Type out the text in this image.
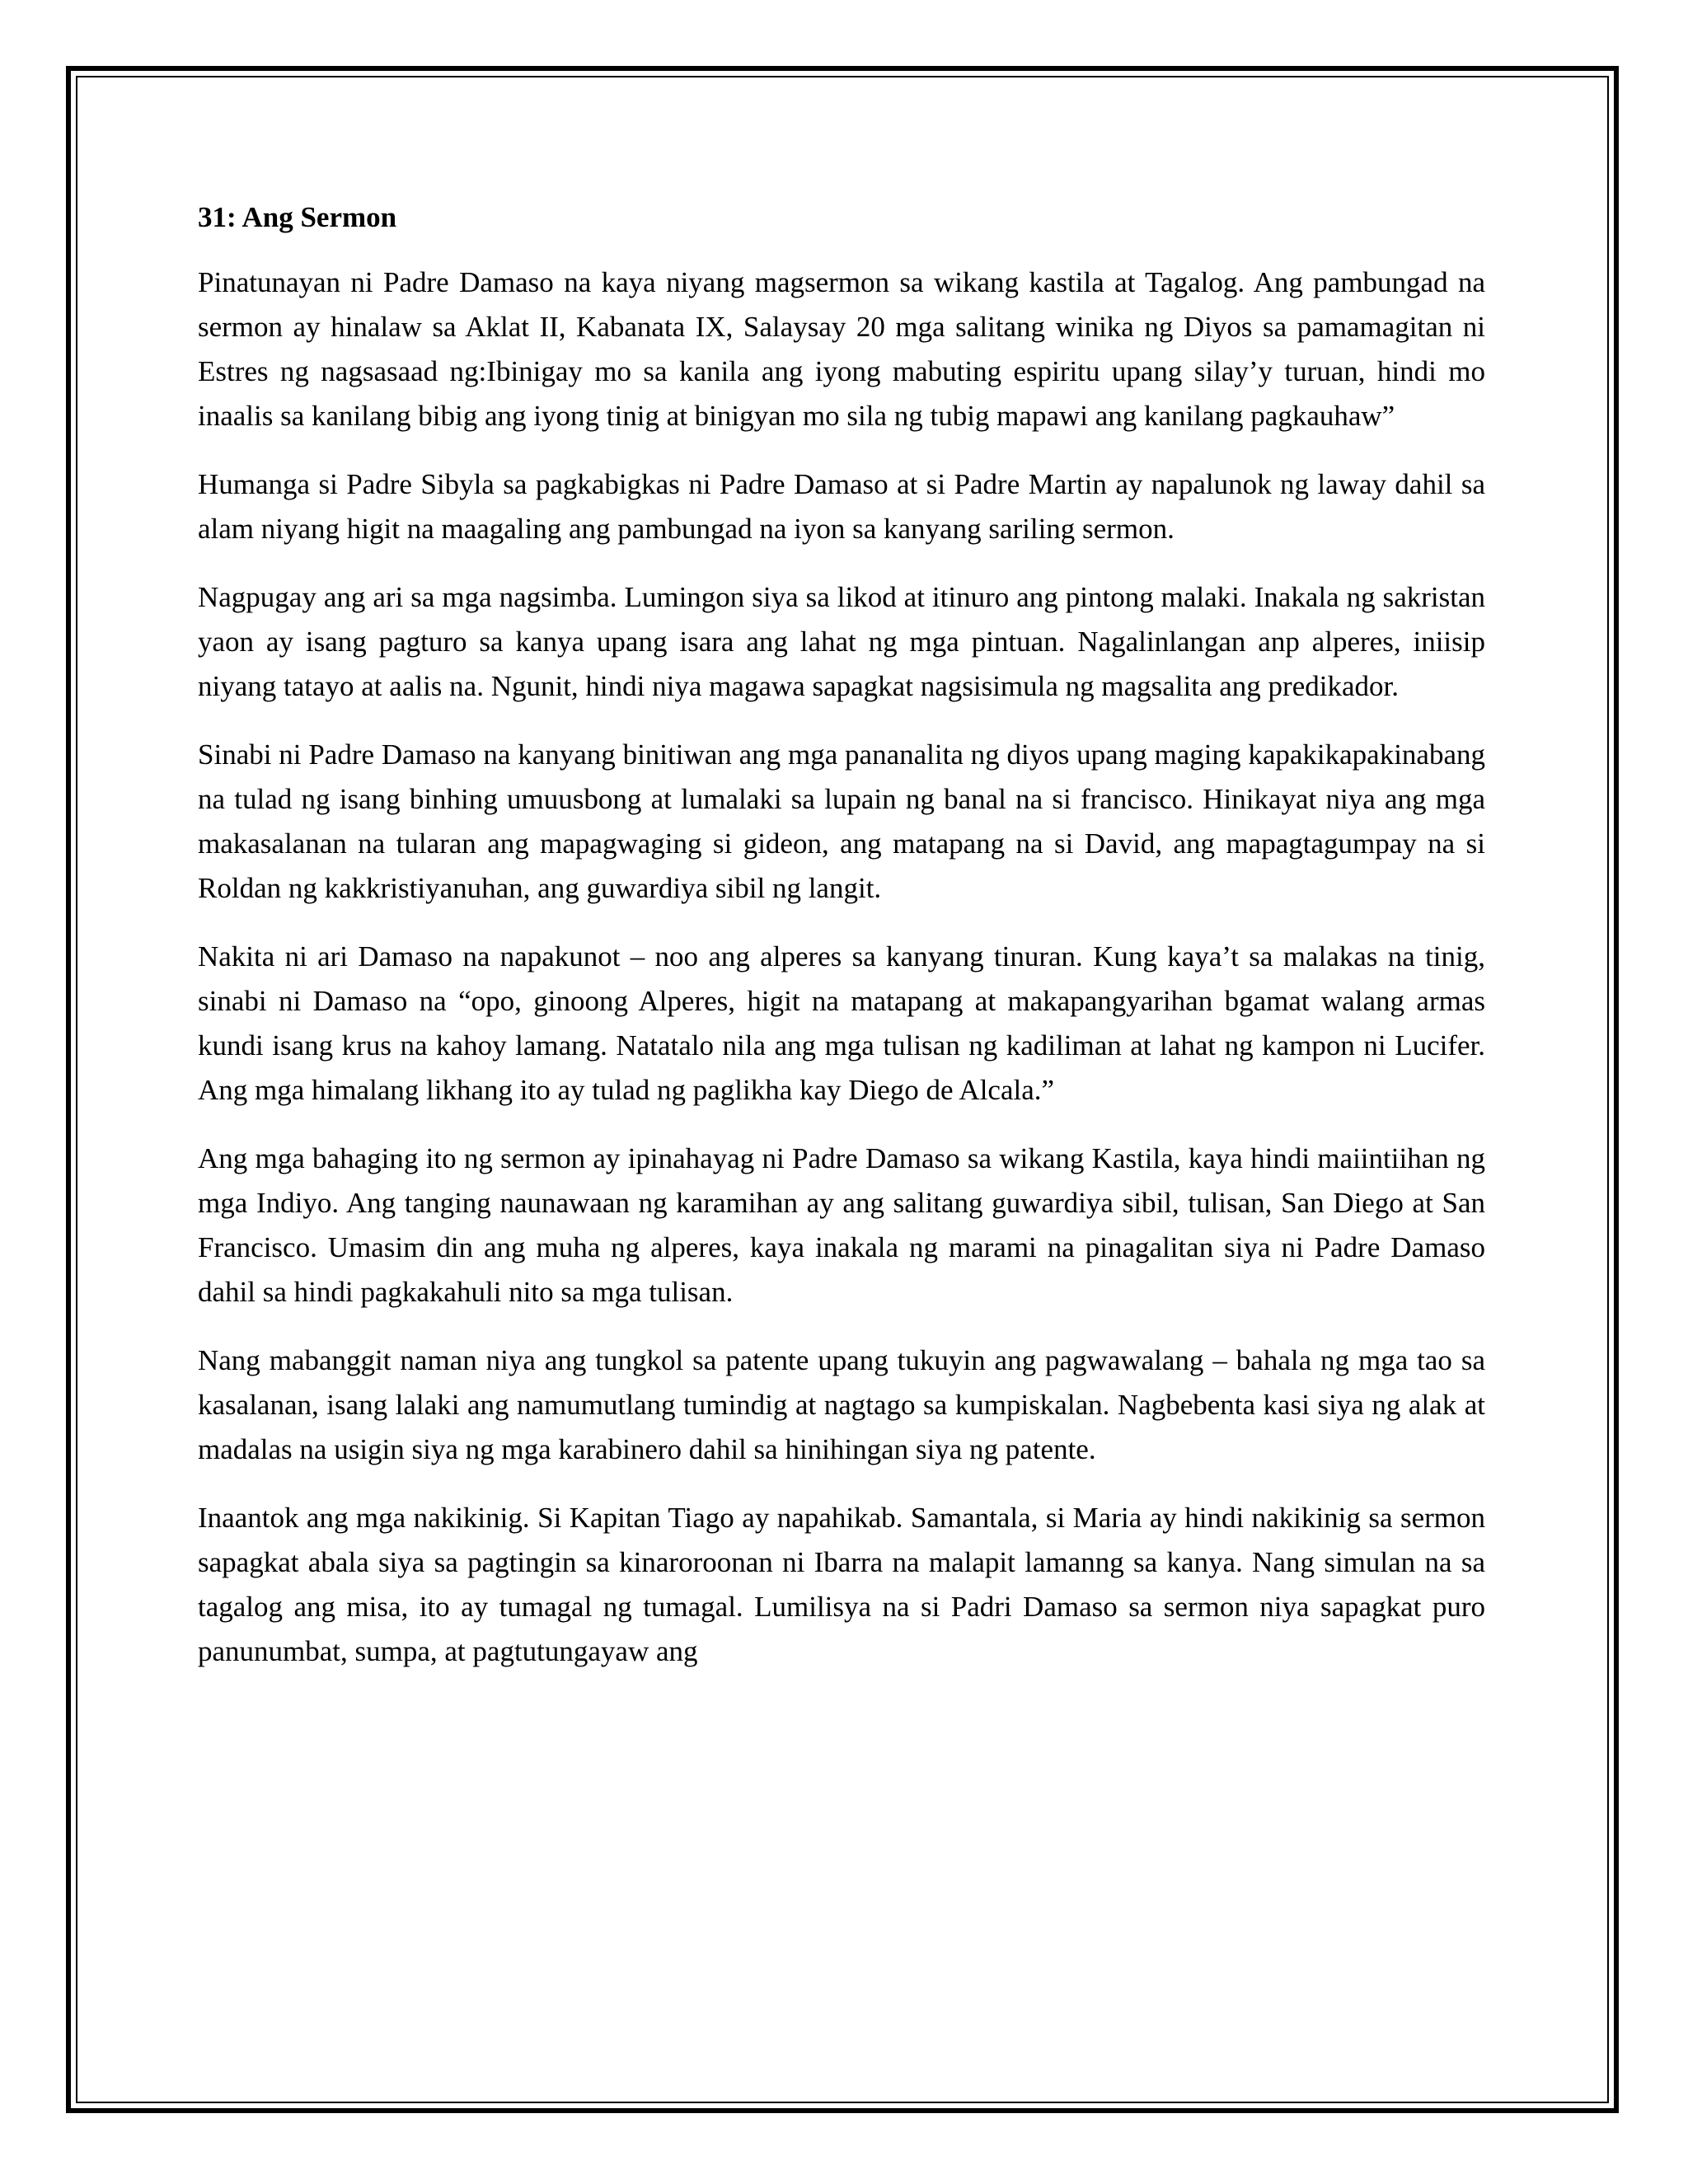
31: Ang Sermon

Pinatunayan ni Padre Damaso na kaya niyang magsermon sa wikang kastila at Tagalog. Ang pambungad na sermon ay hinalaw sa Aklat II, Kabanata IX, Salaysay 20 mga salitang winika ng Diyos sa pamamagitan ni Estres ng nagsasaad ng:Ibinigay mo sa kanila ang iyong mabuting espiritu upang silay’y turuan, hindi mo inaalis sa kanilang bibig ang iyong tinig at binigyan mo sila ng tubig mapawi ang kanilang pagkauhaw”

Humanga si Padre Sibyla sa pagkabigkas ni Padre Damaso at si Padre Martin ay napalunok ng laway dahil sa alam niyang higit na maagaling ang pambungad na iyon sa kanyang sariling sermon.

Nagpugay ang ari sa mga nagsimba. Lumingon siya sa likod at itinuro ang pintong malaki. Inakala ng sakristan yaon ay isang pagturo sa kanya upang isara ang lahat ng mga pintuan. Nagalinlangan anp alperes, iniisip niyang tatayo at aalis na. Ngunit, hindi niya magawa sapagkat nagsisimula ng magsalita ang predikador.

Sinabi ni Padre Damaso na kanyang binitiwan ang mga pananalita ng diyos upang maging kapakikapakinabang na tulad ng isang binhing umuusbong at lumalaki sa lupain ng banal na si francisco. Hinikayat niya ang mga makasalanan na tularan ang mapagwaging si gideon, ang matapang na si David, ang mapagtagumpay na si Roldan ng kakkristiyanuhan, ang guwardiya sibil ng langit.

Nakita ni ari Damaso na napakunot – noo ang alperes sa kanyang tinuran. Kung kaya’t sa malakas na tinig, sinabi ni Damaso na “opo, ginoong Alperes, higit na matapang at makapangyarihan bgamat walang armas kundi isang krus na kahoy lamang. Natatalo nila ang mga tulisan ng kadiliman at lahat ng kampon ni Lucifer. Ang mga himalang likhang ito ay tulad ng paglikha kay Diego de Alcala.”

Ang mga bahaging ito ng sermon ay ipinahayag ni Padre Damaso sa wikang Kastila, kaya hindi maiintiihan ng mga Indiyo. Ang tanging naunawaan ng karamihan ay ang salitang guwardiya sibil, tulisan, San Diego at San Francisco. Umasim din ang muha ng alperes, kaya inakala ng marami na pinagalitan siya ni Padre Damaso dahil sa hindi pagkakahuli nito sa mga tulisan.

Nang mabanggit naman niya ang tungkol sa patente upang tukuyin ang pagwawalang – bahala ng mga tao sa kasalanan, isang lalaki ang namumutlang tumindig at nagtago sa kumpiskalan. Nagbebenta kasi siya ng alak at madalas na usigin siya ng mga karabinero dahil sa hinihingan siya ng patente.

Inaantok ang mga nakikinig. Si Kapitan Tiago ay napahikab. Samantala, si Maria ay hindi nakikinig sa sermon sapagkat abala siya sa pagtingin sa kinaroroonan ni Ibarra na malapit lamanng sa kanya. Nang simulan na sa tagalog ang misa, ito ay tumagal ng tumagal. Lumilisya na si Padri Damaso sa sermon niya sapagkat puro panunumbat, sumpa, at pagtutungayaw ang
